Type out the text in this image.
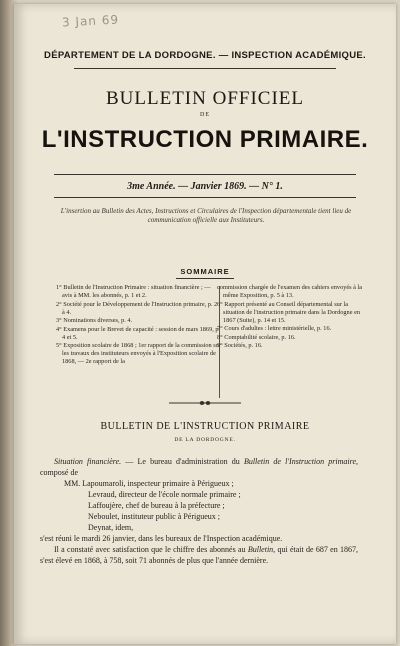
3 Jan 69
DÉPARTEMENT DE LA DORDOGNE. — INSPECTION ACADÉMIQUE.
BULLETIN OFFICIEL
DE
L'INSTRUCTION PRIMAIRE.
3me Année. — Janvier 1869. — N° 1.
L'insertion au Bulletin des Actes, Instructions et Circulaires de l'Inspection départementale tient lieu de communication officielle aux Instituteurs.
SOMMAIRE
1° Bulletin de l'Instruction Primaire : situation financière ; — avis à MM. les abonnés, p. 1 et 2.
2° Société pour le Développement de l'Instruction primaire, p. 2 à 4.
3° Nominations diverses, p. 4.
4° Examens pour le Brevet de capacité : session de mars 1869, p. 4 et 5.
5° Exposition scolaire de 1868 ; 1er rapport de la commission sur les travaux des instituteurs envoyés à l'Exposition scolaire de 1868, — 2e rapport de la
commission chargée de l'examen des cahiers envoyés à la même Exposition, p. 5 à 13.
6° Rapport présenté au Conseil départemental sur la situation de l'instruction primaire dans la Dordogne en 1867 (Suite), p. 14 et 15.
7° Cours d'adultes : lettre ministérielle, p. 16.
8° Comptabilité scolaire, p. 16.
9° Sociétés, p. 16.
BULLETIN DE L'INSTRUCTION PRIMAIRE
DE LA DORDOGNE.

Situation financière. — Le bureau d'administration du Bulletin de l'Instruction primaire, composé de

MM. Lapoumaroli, inspecteur primaire à Périgueux ;

Levraud, directeur de l'école normale primaire ;

Laffoujère, chef de bureau à la préfecture ;

Neboulet, instituteur public à Périgueux ;

Deynat, idem,

s'est réuni le mardi 26 janvier, dans les bureaux de l'Inspection académique.

Il a constaté avec satisfaction que le chiffre des abonnés au Bulletin, qui était de 687 en 1867, s'est élevé en 1868, à 758, soit 71 abonnés de plus que l'année dernière.
